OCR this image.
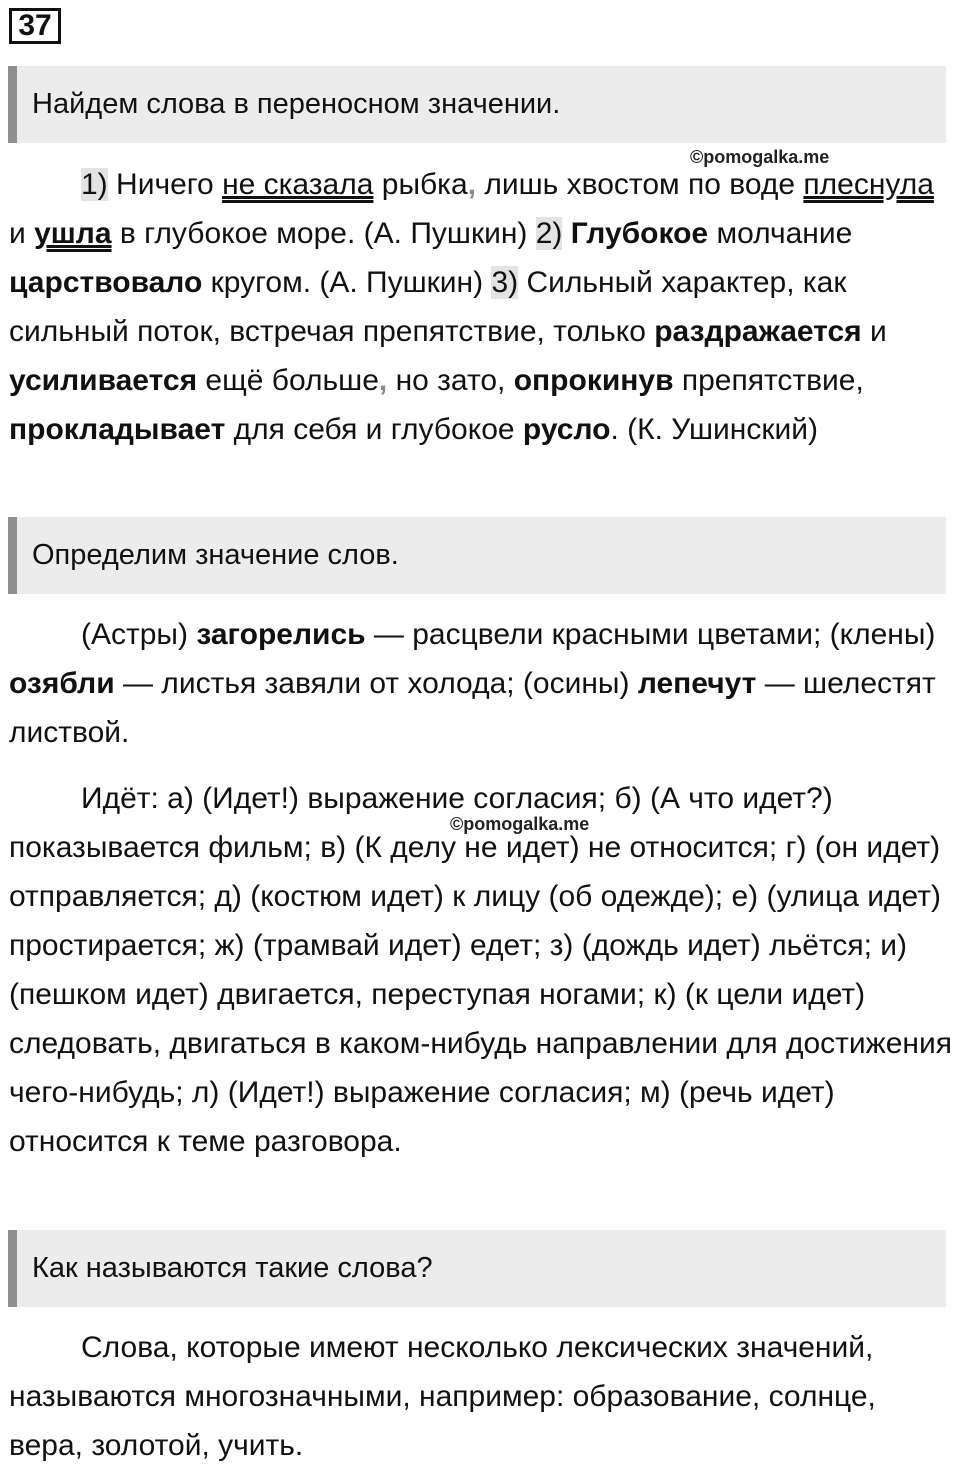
37
Найдем слова в переносном значении.
©pomogalka.me

1) Ничего не сказала рыбка, лишь хвостом по воде плеснула и ушла в глубокое море. (А. Пушкин) 2) Глубокое молчание царствовало кругом. (А. Пушкин) 3) Сильный характер, как сильный поток, встречая препятствие, только раздражается и усиливается ещё больше, но зато, опрокинув препятствие, прокладывает для себя и глубокое русло. (К. Ушинский)

Определим значение слов.

(Астры) загорелись — расцвели красными цветами; (клены) озябли — листья завяли от холода; (осины) лепечут — шелестят листвой.

Идёт: а) (Идет!) выражение согласия; б) (А что идет?) показывается фильм; в) (К делу не идет) не относится; г) (он идет) отправляется; д) (костюм идет) к лицу (об одежде); е) (улица идет) простирается; ж) (трамвай идет) едет; з) (дождь идет) льётся; и) (пешком идет) двигается, переступая ногами; к) (к цели идет) следовать, двигаться в каком-нибудь направлении для достижения чего-нибудь; л) (Идет!) выражение согласия; м) (речь идет) относится к теме разговора.

©pomogalka.me
Как называются такие слова?

Слова, которые имеют несколько лексических значений, называются многозначными, например: образование, солнце, вера, золотой, учить.
